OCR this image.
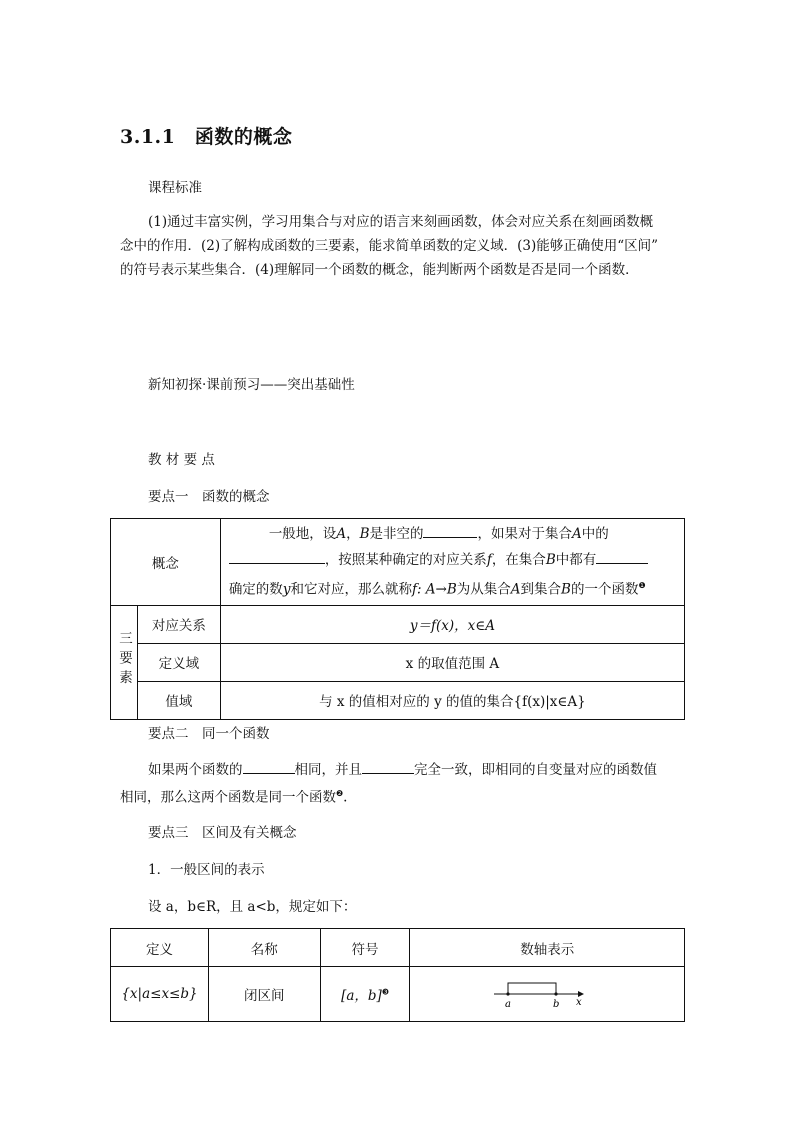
3.1.1　函数的概念
课程标准
(1)通过丰富实例，学习用集合与对应的语言来刻画函数，体会对应关系在刻画函数概
念中的作用．(2)了解构成函数的三要素，能求简单函数的定义域．(3)能够正确使用“区间”
的符号表示某些集合．(4)理解同一个函数的概念，能判断两个函数是否是同一个函数．
新知初探·课前预习——突出基础性
教 材 要 点
要点一　函数的概念
概念		一般地，设A，B是非空的 ，如果对于集合A中的
，按照某种确定的对应关系f，在集合B中都有
确定的数y和它对应，那么就称f: A→B为从集合A到集合B的一个函数$^❶$

三要素	对应关系	y＝f(x)，x∈A
	定义域	x 的取值范围 A
	值域	与 x 的值相对应的 y 的值的集合{f(x)|x∈A}
要点二　同一个函数
如果两个函数的	相同，并且	完全一致，即相同的自变量对应的函数值
相同，那么这两个函数是同一个函数$^❷$.
要点三　区间及有关概念
1．一般区间的表示
设 a，b∈R，且 a<b，规定如下：
定义	名称	符号	数轴表示
{x|a≤x≤b}	闭区间	[a，b]$^❸$	a b x
